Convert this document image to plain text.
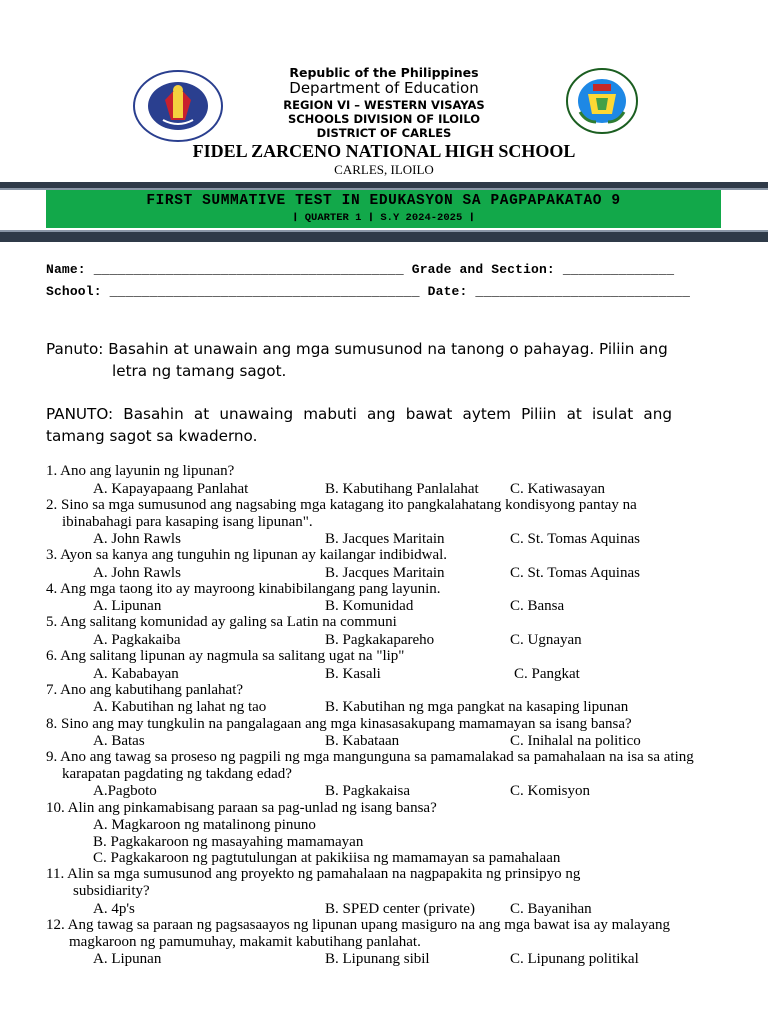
Republic of the Philippines
Department of Education
REGION VI – WESTERN VISAYAS
SCHOOLS DIVISION OF ILOILO
DISTRICT OF CARLES
FIDEL ZARCENO NATIONAL HIGH SCHOOL
CARLES, ILOILO
FIRST SUMMATIVE TEST IN EDUKASYON SA PAGPAPAKATAO 9
❙ QUARTER 1 ❙ S.Y 2024-2025 ❙
Name: _______________________________________ Grade and Section: ______________
School: _______________________________________ Date: ___________________________
Panuto: Basahin at unawain ang mga sumusunod na tanong o pahayag. Piliin ang
letra ng tamang sagot.
PANUTO: Basahin at unawaing mabuti ang bawat aytem Piliin at isulat ang tamang sagot sa kwaderno.
1. Ano ang layunin ng lipunan?
A. Kapayapaang Panlahat	B. Kabutihang Panlalahat C. Katiwasayan
2. Sino sa mga sumusunod ang nagsabing mga katagang ito pangkalahatang kondisyong pantay na
ibinabahagi para kasaping isang lipunan".
A. John Rawls	B. Jacques Maritain	C. St. Tomas Aquinas
3. Ayon sa kanya ang tunguhin ng lipunan ay kailangar indibidwal.
A. John Rawls	B. Jacques Maritain	C. St. Tomas Aquinas
4. Ang mga taong ito ay mayroong kinabibilangang pang layunin.
A. Lipunan	B. Komunidad	C. Bansa
5. Ang salitang komunidad ay galing sa Latin na communi
A. Pagkakaiba	B. Pagkakapareho	C. Ugnayan
6. Ang salitang lipunan ay nagmula sa salitang ugat na "lip"
A. Kababayan	B. Kasali	C. Pangkat
7. Ano ang kabutihang panlahat?
A. Kabutihan ng lahat ng tao	B. Kabutihan ng mga pangkat na kasaping lipunan
8. Sino ang may tungkulin na pangalagaan ang mga kinasasakupang mamamayan sa isang bansa?
A. Batas	B. Kabataan	C. Inihalal na politico
9. Ano ang tawag sa proseso ng pagpili ng mga mangunguna sa pamamalakad sa pamahalaan na isa sa ating
karapatan pagdating ng takdang edad?
A.Pagboto	B. Pagkakaisa	C. Komisyon
10. Alin ang pinkamabisang paraan sa pag-unlad ng isang bansa?
A. Magkaroon ng matalinong pinuno
B. Pagkakaroon ng masayahing mamamayan
C. Pagkakaroon ng pagtutulungan at pakikiisa ng mamamayan sa pamahalaan
11. Alin sa mga sumusunod ang proyekto ng pamahalaan na nagpapakita ng prinsipyo ng
subsidiarity?
A. 4p's	B. SPED center (private) C. Bayanihan
12. Ang tawag sa paraan ng pagsasaayos ng lipunan upang masiguro na ang mga bawat isa ay malayang
magkaroon ng pamumuhay, makamit kabutihang panlahat.
A. Lipunan	B. Lipunang sibil	C. Lipunang politikal
